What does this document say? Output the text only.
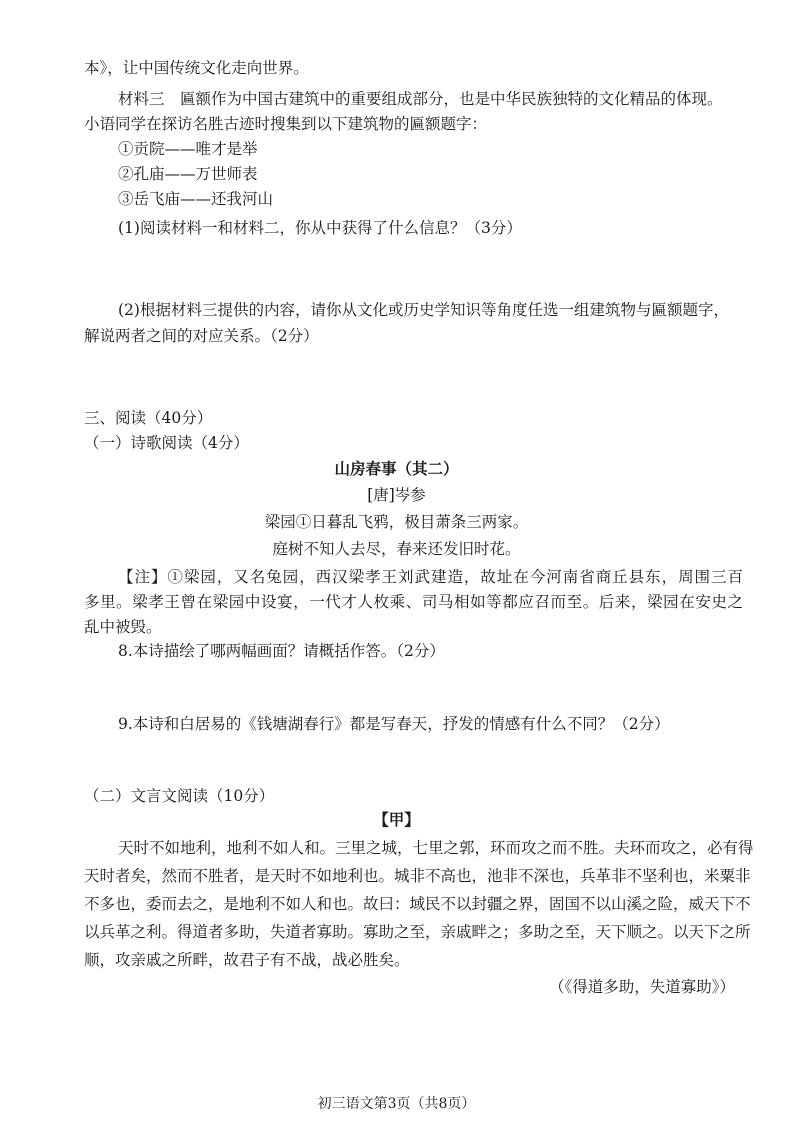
本》，让中国传统文化走向世界。
材料三　匾额作为中国古建筑中的重要组成部分，也是中华民族独特的文化精品的体现。
小语同学在探访名胜古迹时搜集到以下建筑物的匾额题字：
①贡院——唯才是举
②孔庙——万世师表
③岳飞庙——还我河山
(1)阅读材料一和材料二，你从中获得了什么信息？（3分）
(2)根据材料三提供的内容，请你从文化或历史学知识等角度任选一组建筑物与匾额题字，
解说两者之间的对应关系。（2分）
三、阅读（40分）
（一）诗歌阅读（4分）
山房春事（其二）
[唐]岑参
梁园①日暮乱飞鸦，极目萧条三两家。
庭树不知人去尽，春来还发旧时花。
【注】①梁园，又名兔园，西汉梁孝王刘武建造，故址在今河南省商丘县东，周围三百
多里。梁孝王曾在梁园中设宴，一代才人枚乘、司马相如等都应召而至。后来，梁园在安史之
乱中被毁。
8.本诗描绘了哪两幅画面？请概括作答。（2分）
9.本诗和白居易的《钱塘湖春行》都是写春天，抒发的情感有什么不同？（2分）
（二）文言文阅读（10分）
【甲】
天时不如地利，地利不如人和。三里之城，七里之郭，环而攻之而不胜。夫环而攻之，必有得
天时者矣，然而不胜者，是天时不如地利也。城非不高也，池非不深也，兵革非不坚利也，米粟非
不多也，委而去之，是地利不如人和也。故曰：域民不以封疆之界，固国不以山溪之险，威天下不
以兵革之利。得道者多助，失道者寡助。寡助之至，亲戚畔之；多助之至，天下顺之。以天下之所
顺，攻亲戚之所畔，故君子有不战，战必胜矣。
（《得道多助，失道寡助》）
初三语文第3页（共8页）
